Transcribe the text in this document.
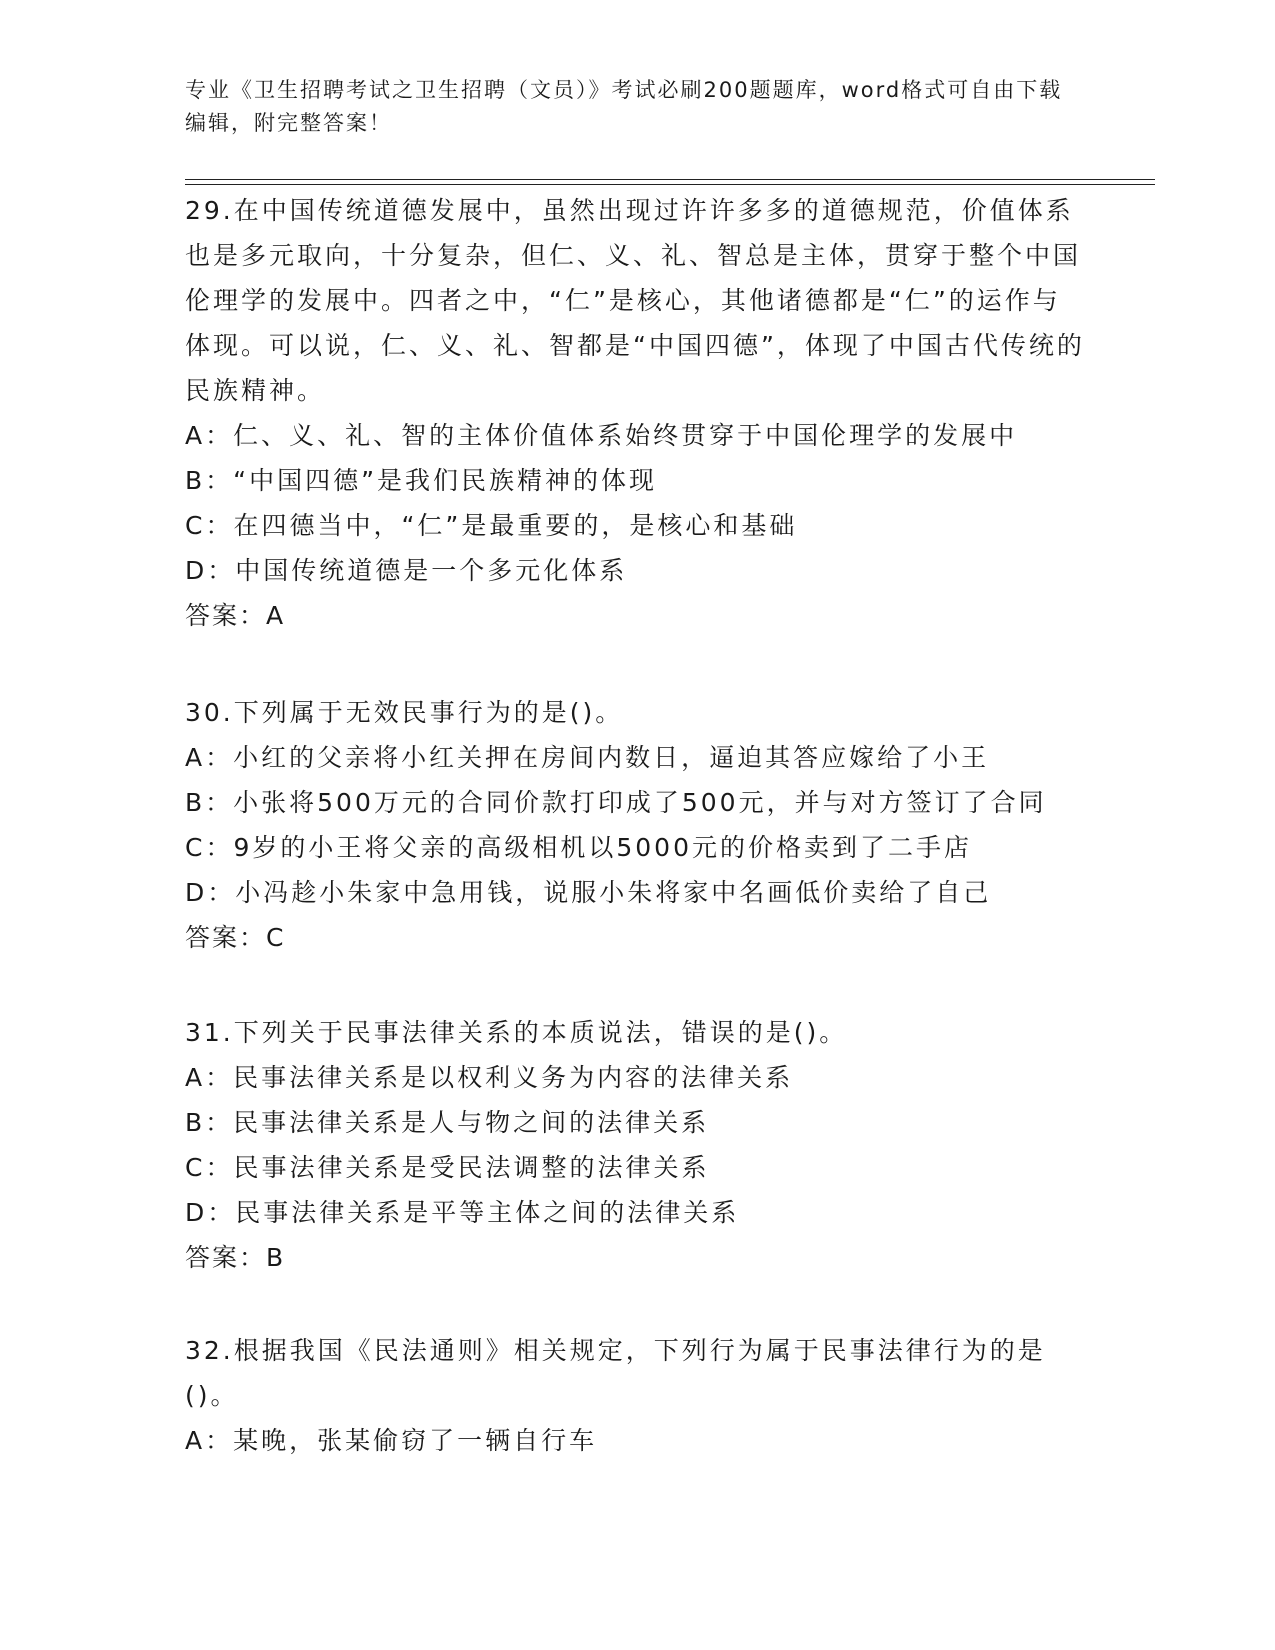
专业《卫生招聘考试之卫生招聘（文员）》考试必刷200题题库，word格式可自由下载编辑，附完整答案！
29.在中国传统道德发展中，虽然出现过许许多多的道德规范，价值体系也是多元取向，十分复杂，但仁、义、礼、智总是主体，贯穿于整个中国伦理学的发展中。四者之中，“仁”是核心，其他诸德都是“仁”的运作与体现。可以说，仁、义、礼、智都是“中国四德”，体现了中国古代传统的民族精神。
A：仁、义、礼、智的主体价值体系始终贯穿于中国伦理学的发展中
B：“中国四德”是我们民族精神的体现
C：在四德当中，“仁”是最重要的，是核心和基础
D：中国传统道德是一个多元化体系
答案：A
30.下列属于无效民事行为的是()。
A：小红的父亲将小红关押在房间内数日，逼迫其答应嫁给了小王
B：小张将500万元的合同价款打印成了500元，并与对方签订了合同
C：9岁的小王将父亲的高级相机以5000元的价格卖到了二手店
D：小冯趁小朱家中急用钱，说服小朱将家中名画低价卖给了自己
答案：C
31.下列关于民事法律关系的本质说法，错误的是()。
A：民事法律关系是以权利义务为内容的法律关系
B：民事法律关系是人与物之间的法律关系
C：民事法律关系是受民法调整的法律关系
D：民事法律关系是平等主体之间的法律关系
答案：B
32.根据我国《民法通则》相关规定，下列行为属于民事法律行为的是()。
A：某晚，张某偷窃了一辆自行车
